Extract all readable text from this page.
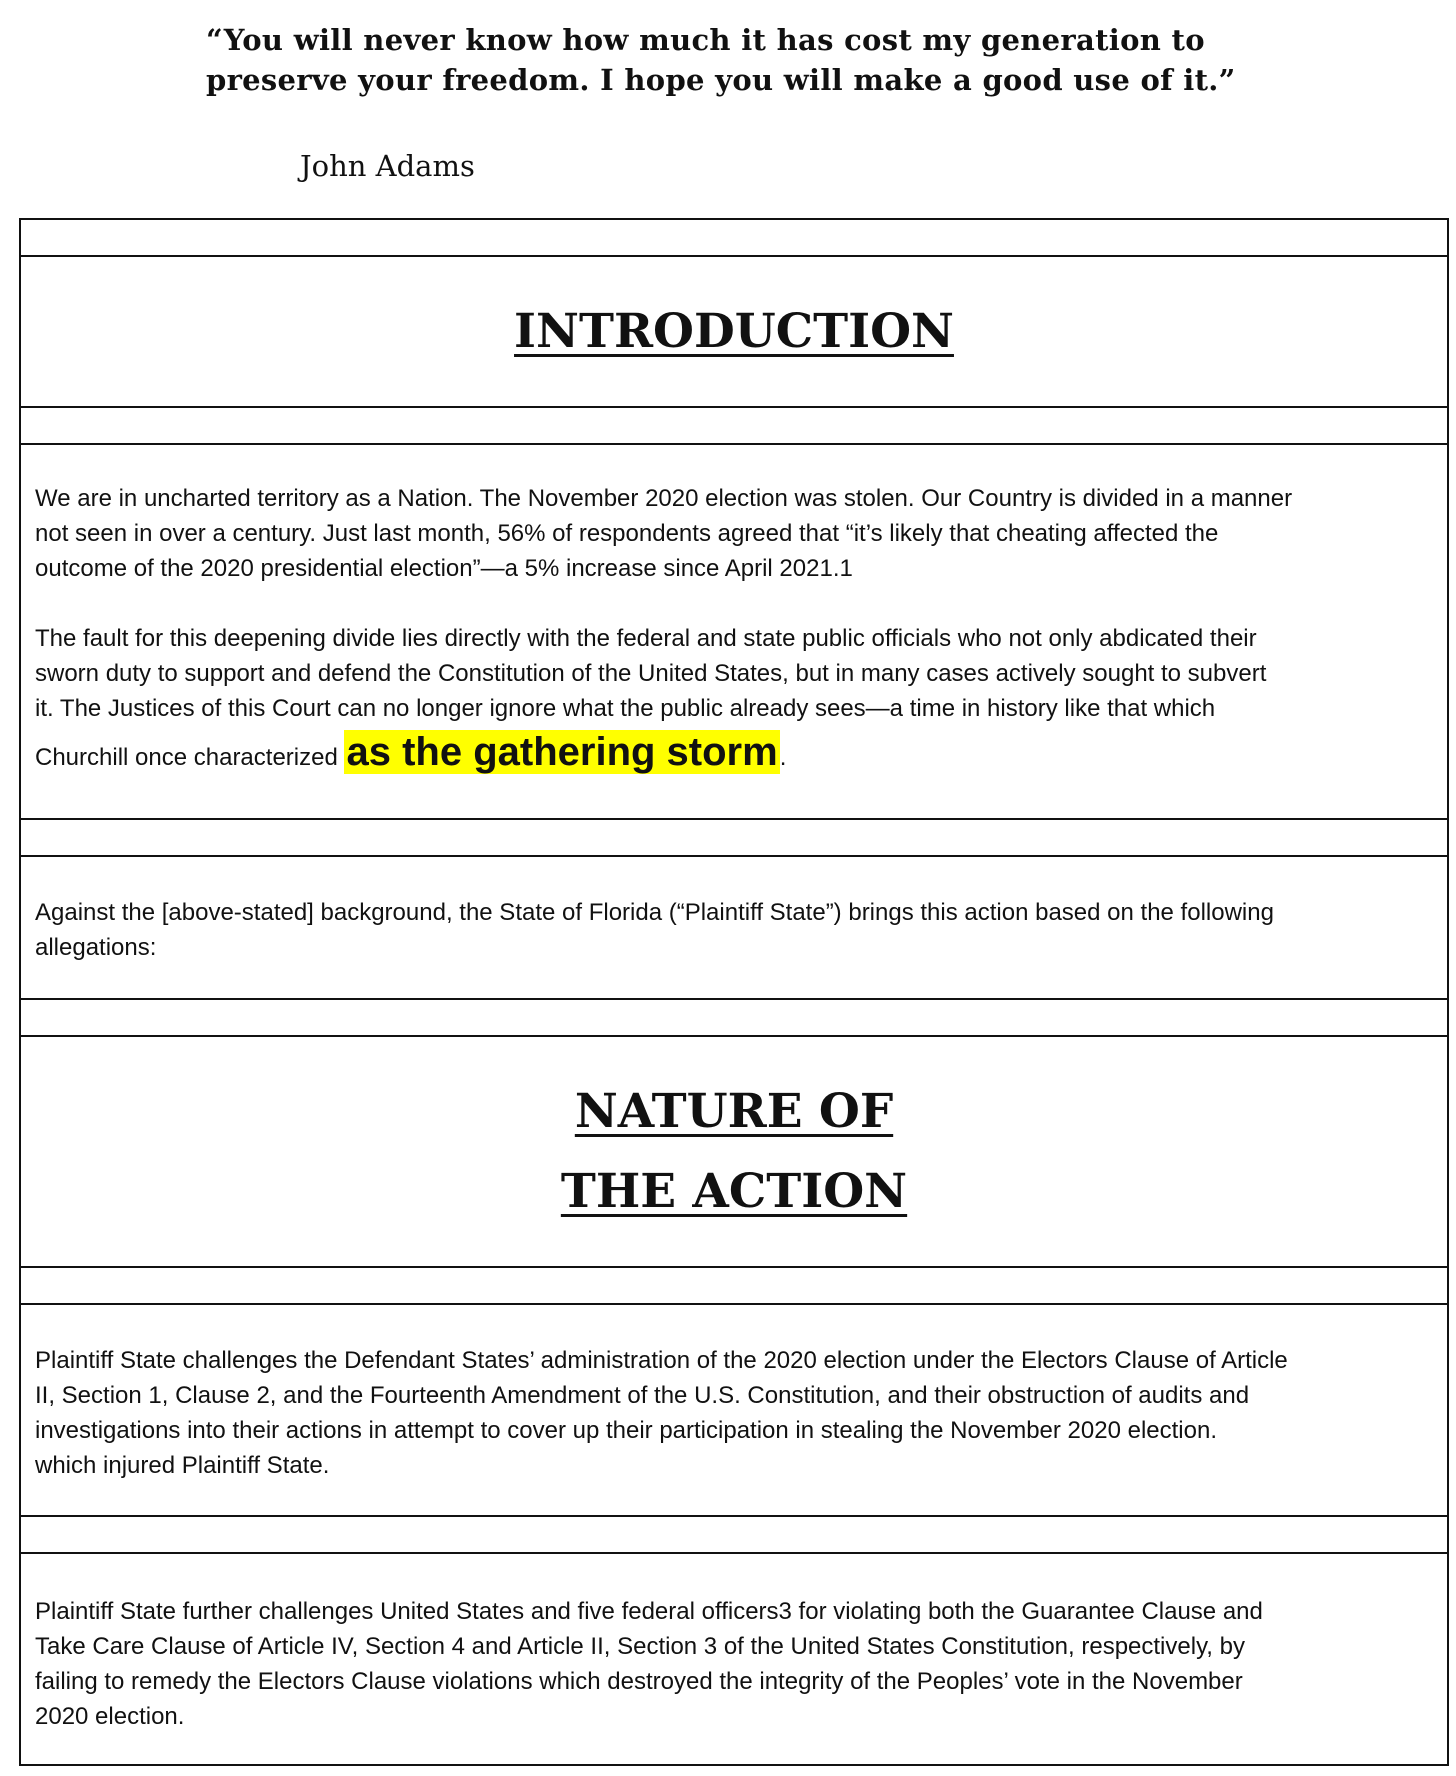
“You will never know how much it has cost my generation to
preserve your freedom. I hope you will make a good use of it.”
John Adams
INTRODUCTION
We are in uncharted territory as a Nation. The November 2020 election was stolen. Our Country is divided in a manner
not seen in over a century. Just last month, 56% of respondents agreed that “it’s likely that cheating affected the
outcome of the 2020 presidential election”—a 5% increase since April 2021.1
The fault for this deepening divide lies directly with the federal and state public officials who not only abdicated their
sworn duty to support and defend the Constitution of the United States, but in many cases actively sought to subvert
it. The Justices of this Court can no longer ignore what the public already sees—a time in history like that which
Churchill once characterized as the gathering storm.
Against the [above-stated] background, the State of Florida (“Plaintiff State”) brings this action based on the following
allegations:
NATURE OF
THE ACTION
Plaintiff State challenges the Defendant States’ administration of the 2020 election under the Electors Clause of Article
II, Section 1, Clause 2, and the Fourteenth Amendment of the U.S. Constitution, and their obstruction of audits and
investigations into their actions in attempt to cover up their participation in stealing the November 2020 election.
which injured Plaintiff State.
Plaintiff State further challenges United States and five federal officers3 for violating both the Guarantee Clause and
Take Care Clause of Article IV, Section 4 and Article II, Section 3 of the United States Constitution, respectively, by
failing to remedy the Electors Clause violations which destroyed the integrity of the Peoples’ vote in the November
2020 election.
